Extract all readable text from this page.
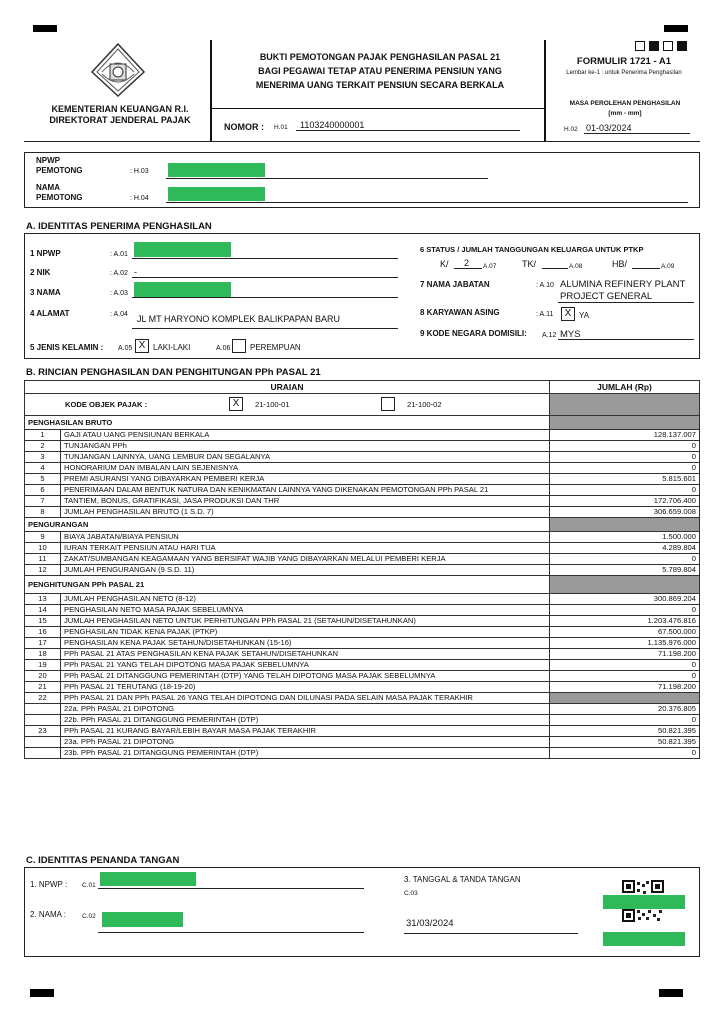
KEMENTERIAN KEUANGAN R.I.
DIREKTORAT JENDERAL PAJAK
BUKTI PEMOTONGAN PAJAK PENGHASILAN PASAL 21
BAGI PEGAWAI TETAP ATAU PENERIMA PENSIUN YANG
MENERIMA UANG TERKAIT PENSIUN SECARA BERKALA
NOMOR : H.01 1103240000001
FORMULIR 1721 - A1
Lembar ke-1 : untuk Penerima Penghasilan
MASA PEROLEHAN PENGHASILAN
[mm - mm]
H.02 01-03/2024
NPWP
PEMOTONG	: H.03
NAMA
PEMOTONG	: H.04
A. IDENTITAS PENERIMA PENGHASILAN
1 NPWP	: A.01
2 NIK	: A.02 -
3 NAMA	: A.03
4 ALAMAT	: A.04 JL MT HARYONO KOMPLEK BALIKPAPAN BARU
5 JENIS KELAMIN : A.05 X LAKI-LAKI	A.06 PEREMPUAN
6 STATUS / JUMLAH TANGGUNGAN KELUARGA UNTUK PTKP
K/ 2 A.07	TK/	A.08	HB/	A.09
7 NAMA JABATAN	: A.10 ALUMINA REFINERY PLANT
PROJECT GENERAL
8 KARYAWAN ASING	: A.11	X YA
9 KODE NEGARA DOMISILI: A.12 MYS
B. RINCIAN PENGHASILAN DAN PENGHITUNGAN PPh PASAL 21
URAIAN		JUMLAH (Rp)

KODE OBJEK PAJAK : X 21-100-01 21-100-02		

PENGHASILAN BRUTO		
1	GAJI ATAU UANG PENSIUNAN BERKALA	128.137.007
2	TUNJANGAN PPh	0
3	TUNJANGAN LAINNYA, UANG LEMBUR DAN SEGALANYA	0
4	HONORARIUM DAN IMBALAN LAIN SEJENISNYA	0
5	PREMI ASURANSI YANG DIBAYARKAN PEMBERI KERJA	5.815.601
6	PENERIMAAN DALAM BENTUK NATURA DAN KENIKMATAN LAINNYA YANG DIKENAKAN PEMOTONGAN PPh PASAL 21	0
7	TANTIEM, BONUS, GRATIFIKASI, JASA PRODUKSI DAN THR	172.706.400
8	JUMLAH PENGHASILAN BRUTO (1 S.D. 7)	306.659.008
PENGURANGAN		
9	BIAYA JABATAN/BIAYA PENSIUN	1.500.000
10	IURAN TERKAIT PENSIUN ATAU HARI TUA	4.289.804
11	ZAKAT/SUMBANGAN KEAGAMAAN YANG BERSIFAT WAJIB YANG DIBAYARKAN MELALUI PEMBERI KERJA	0
12	JUMLAH PENGURANGAN (9 S.D. 11)	5.789.804
PENGHITUNGAN PPh PASAL 21		
13	JUMLAH PENGHASILAN NETO (8-12)	300.869.204
14	PENGHASILAN NETO MASA PAJAK SEBELUMNYA	0
15	JUMLAH PENGHASILAN NETO UNTUK PERHITUNGAN PPh PASAL 21 (SETAHUN/DISETAHUNKAN)	1.203.476.816
16	PENGHASILAN TIDAK KENA PAJAK (PTKP)	67.500.000
17	PENGHASILAN KENA PAJAK SETAHUN/DISETAHUNKAN (15-16)	1.135.976.000
18	PPh PASAL 21 ATAS PENGHASILAN KENA PAJAK SETAHUN/DISETAHUNKAN	71.198.200
19	PPh PASAL 21 YANG TELAH DIPOTONG MASA PAJAK SEBELUMNYA	0
20	PPh PASAL 21 DITANGGUNG PEMERINTAH (DTP) YANG TELAH DIPOTONG MASA PAJAK SEBELUMNYA	0
21	PPh PASAL 21 TERUTANG (18-19-20)	71.198.200
22	PPh PASAL 21 DAN PPh PASAL 26 YANG TELAH DIPOTONG DAN DILUNASI PADA SELAIN MASA PAJAK TERAKHIR	
	22a. PPh PASAL 21 DIPOTONG	20.376.805
	22b. PPh PASAL 21 DITANGGUNG PEMERINTAH (DTP)	0
23	PPh PASAL 21 KURANG BAYAR/LEBIH BAYAR MASA PAJAK TERAKHIR	50.821.395
	23a. PPh PASAL 21 DIPOTONG	50.821.395
	23b. PPh PASAL 21 DITANGGUNG PEMERINTAH (DTP)	0
C. IDENTITAS PENANDA TANGAN
1. NPWP : C.01
2. NAMA : C.02
3. TANGGAL & TANDA TANGAN
C.03
31/03/2024
